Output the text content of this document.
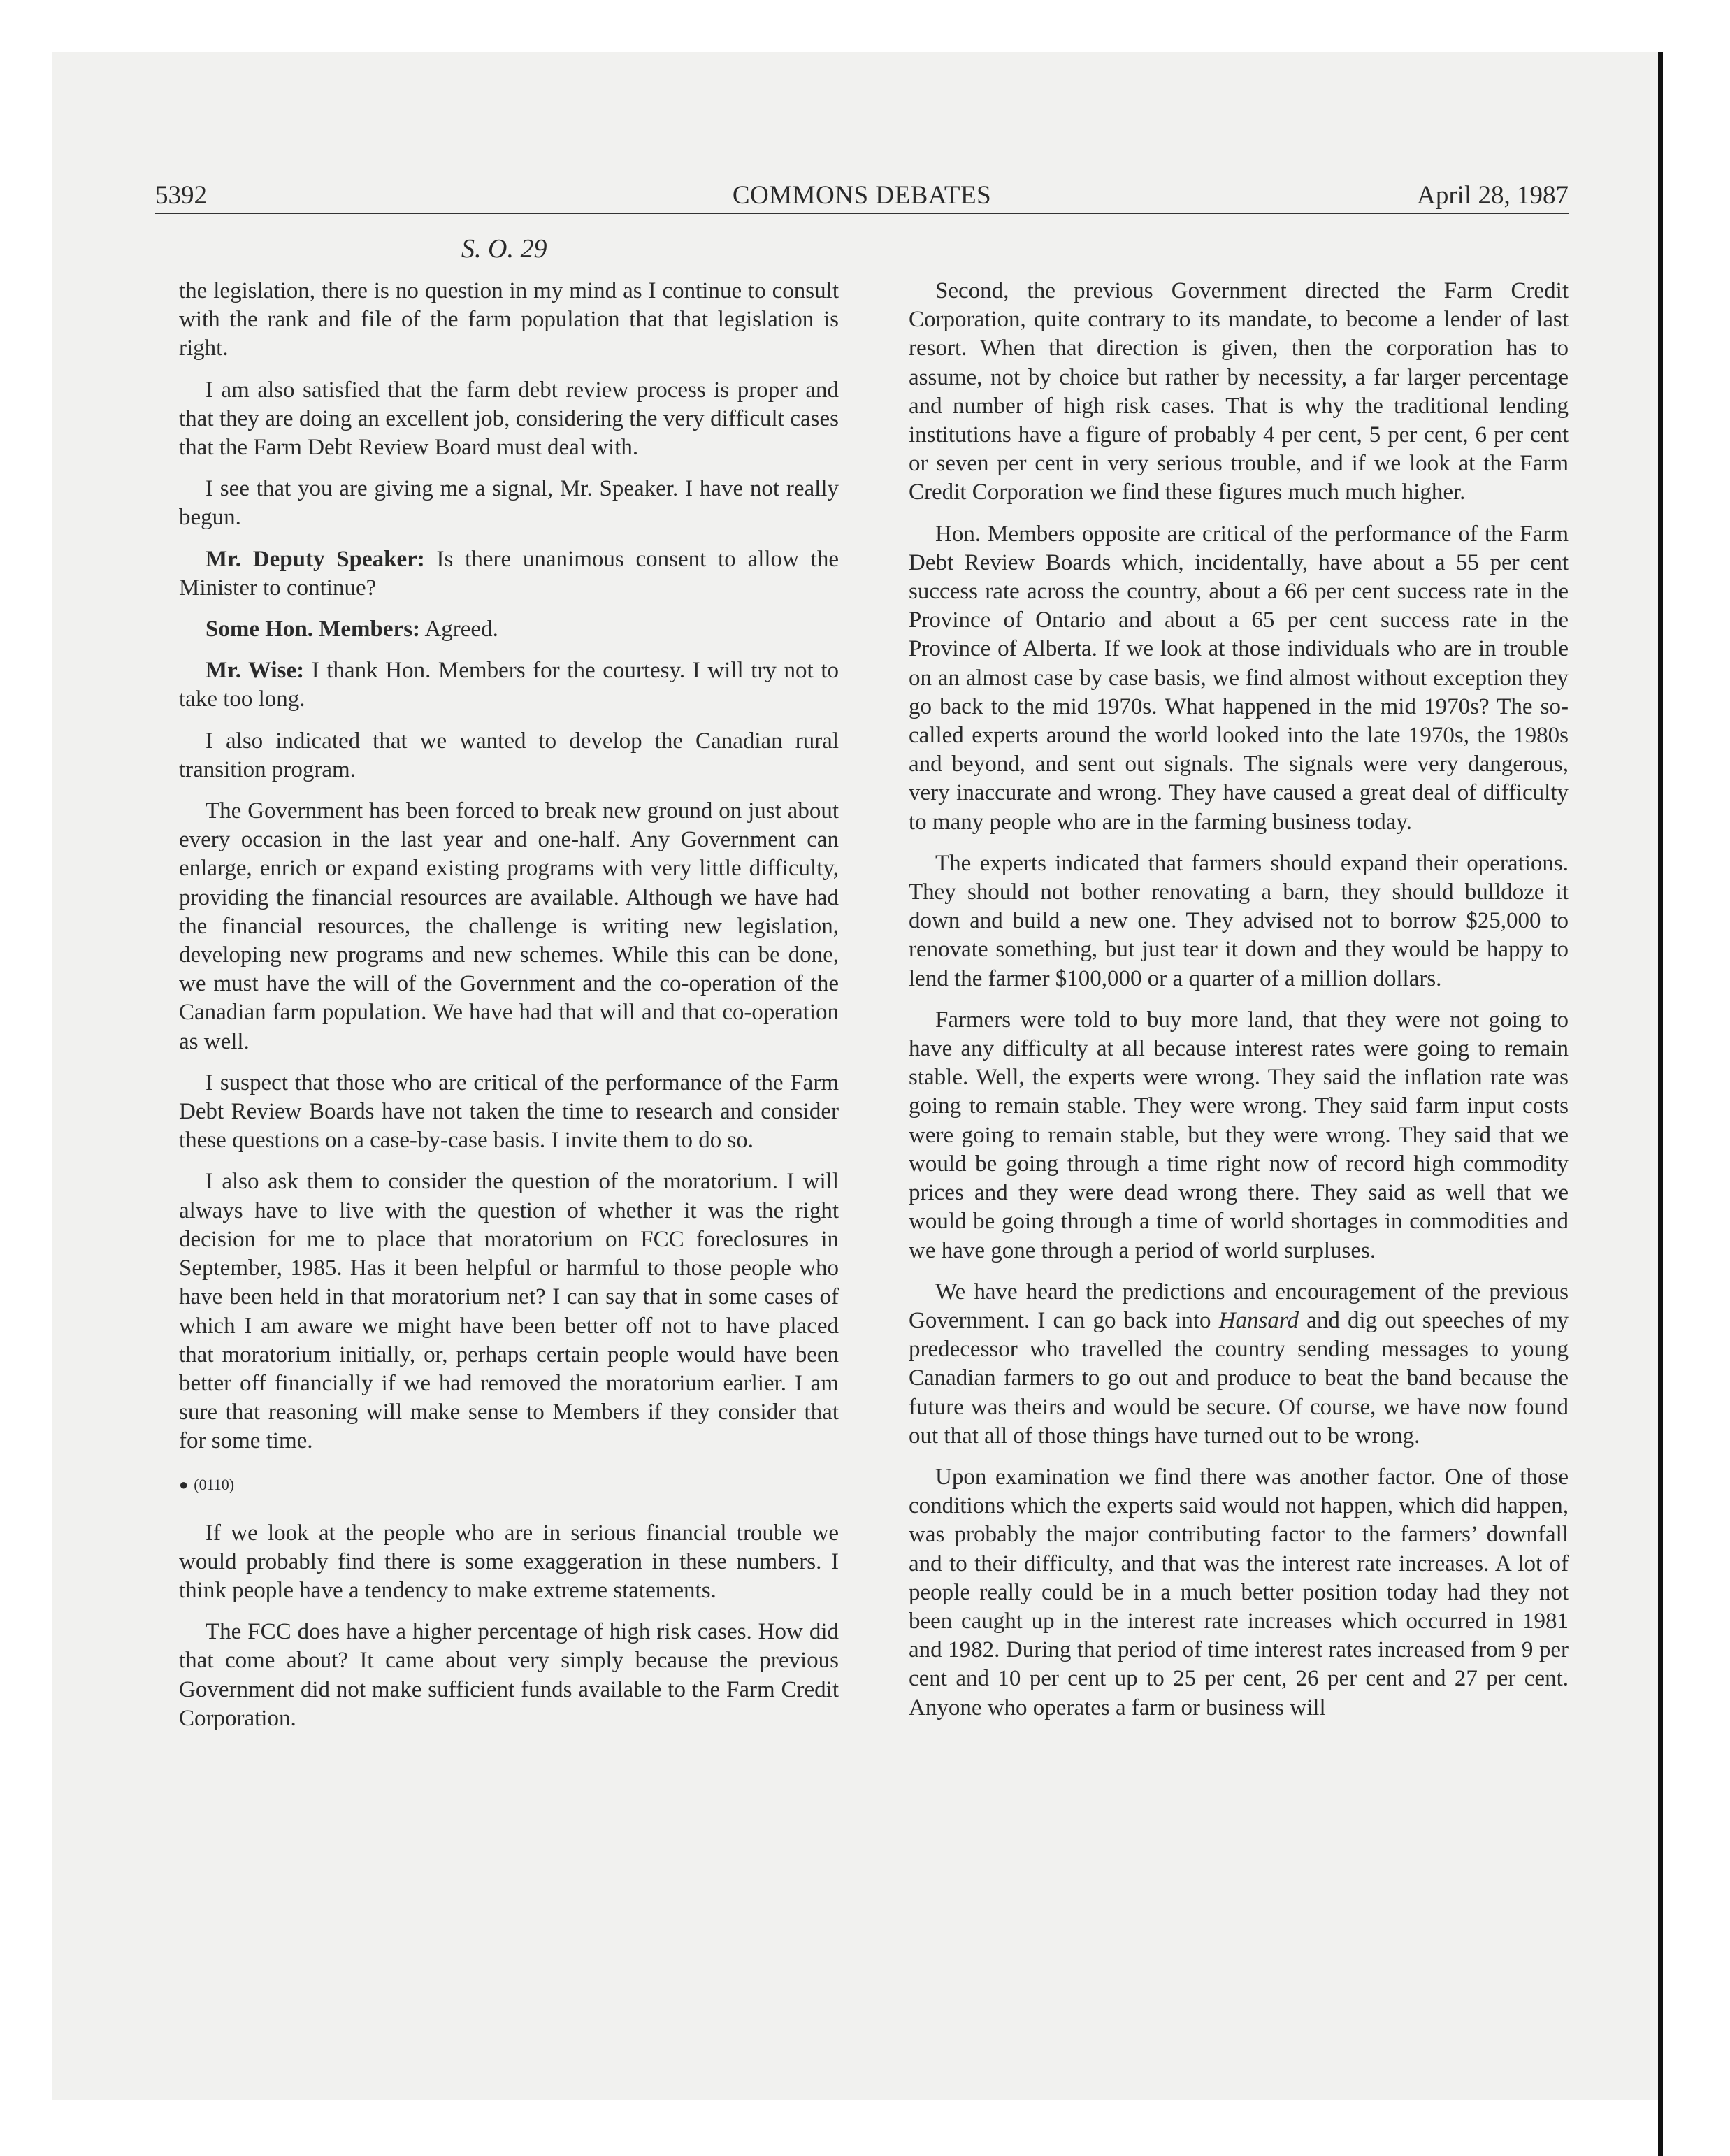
5392	COMMONS DEBATES	April 28, 1987
S. O. 29

the legislation, there is no question in my mind as I continue to consult with the rank and file of the farm population that that legislation is right.

I am also satisfied that the farm debt review process is proper and that they are doing an excellent job, considering the very difficult cases that the Farm Debt Review Board must deal with.

I see that you are giving me a signal, Mr. Speaker. I have not really begun.

Mr. Deputy Speaker: Is there unanimous consent to allow the Minister to continue?

Some Hon. Members: Agreed.

Mr. Wise: I thank Hon. Members for the courtesy. I will try not to take too long.

I also indicated that we wanted to develop the Canadian rural transition program.

The Government has been forced to break new ground on just about every occasion in the last year and one-half. Any Government can enlarge, enrich or expand existing programs with very little difficulty, providing the financial resources are available. Although we have had the financial resources, the challenge is writing new legislation, developing new programs and new schemes. While this can be done, we must have the will of the Government and the co-operation of the Canadian farm population. We have had that will and that co-operation as well.

I suspect that those who are critical of the performance of the Farm Debt Review Boards have not taken the time to research and consider these questions on a case-by-case basis. I invite them to do so.

I also ask them to consider the question of the moratorium. I will always have to live with the question of whether it was the right decision for me to place that moratorium on FCC foreclosures in September, 1985. Has it been helpful or harmful to those people who have been held in that moratorium net? I can say that in some cases of which I am aware we might have been better off not to have placed that moratorium initially, or, perhaps certain people would have been better off financially if we had removed the moratorium earlier. I am sure that reasoning will make sense to Members if they consider that for some time.

● (0110)

If we look at the people who are in serious financial trouble we would probably find there is some exaggeration in these numbers. I think people have a tendency to make extreme statements.

The FCC does have a higher percentage of high risk cases. How did that come about? It came about very simply because the previous Government did not make sufficient funds available to the Farm Credit Corporation.

Second, the previous Government directed the Farm Credit Corporation, quite contrary to its mandate, to become a lender of last resort. When that direction is given, then the corporation has to assume, not by choice but rather by necessity, a far larger percentage and number of high risk cases. That is why the traditional lending institutions have a figure of probably 4 per cent, 5 per cent, 6 per cent or seven per cent in very serious trouble, and if we look at the Farm Credit Corporation we find these figures much much higher.

Hon. Members opposite are critical of the performance of the Farm Debt Review Boards which, incidentally, have about a 55 per cent success rate across the country, about a 66 per cent success rate in the Province of Ontario and about a 65 per cent success rate in the Province of Alberta. If we look at those individuals who are in trouble on an almost case by case basis, we find almost without exception they go back to the mid 1970s. What happened in the mid 1970s? The so-called experts around the world looked into the late 1970s, the 1980s and beyond, and sent out signals. The signals were very dangerous, very inaccurate and wrong. They have caused a great deal of difficulty to many people who are in the farming business today.

The experts indicated that farmers should expand their operations. They should not bother renovating a barn, they should bulldoze it down and build a new one. They advised not to borrow $25,000 to renovate something, but just tear it down and they would be happy to lend the farmer $100,000 or a quarter of a million dollars.

Farmers were told to buy more land, that they were not going to have any difficulty at all because interest rates were going to remain stable. Well, the experts were wrong. They said the inflation rate was going to remain stable. They were wrong. They said farm input costs were going to remain stable, but they were wrong. They said that we would be going through a time right now of record high commodity prices and they were dead wrong there. They said as well that we would be going through a time of world shortages in commodities and we have gone through a period of world surpluses.

We have heard the predictions and encouragement of the previous Government. I can go back into Hansard and dig out speeches of my predecessor who travelled the country sending messages to young Canadian farmers to go out and produce to beat the band because the future was theirs and would be secure. Of course, we have now found out that all of those things have turned out to be wrong.

Upon examination we find there was another factor. One of those conditions which the experts said would not happen, which did happen, was probably the major contributing factor to the farmers’ downfall and to their difficulty, and that was the interest rate increases. A lot of people really could be in a much better position today had they not been caught up in the interest rate increases which occurred in 1981 and 1982. During that period of time interest rates increased from 9 per cent and 10 per cent up to 25 per cent, 26 per cent and 27 per cent. Anyone who operates a farm or business will
